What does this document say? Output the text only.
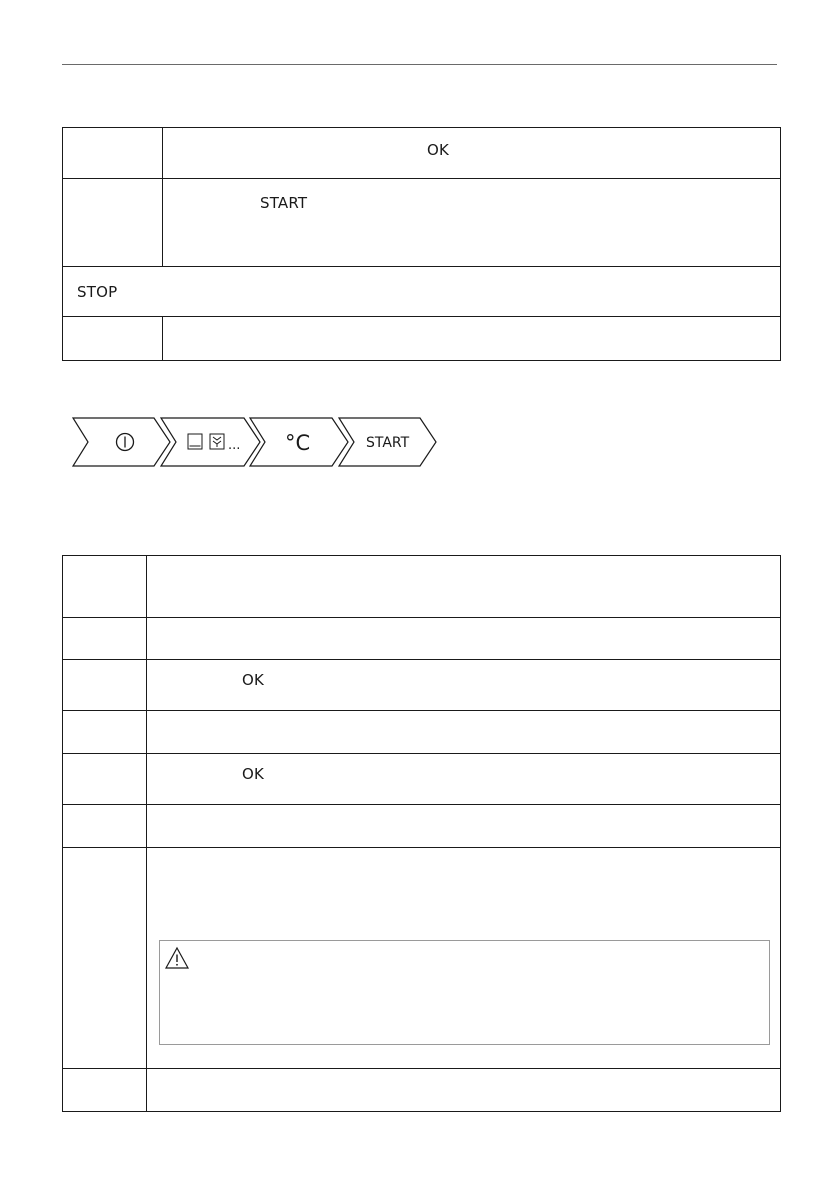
OK
START
STOP
... °C	START
OK
OK
